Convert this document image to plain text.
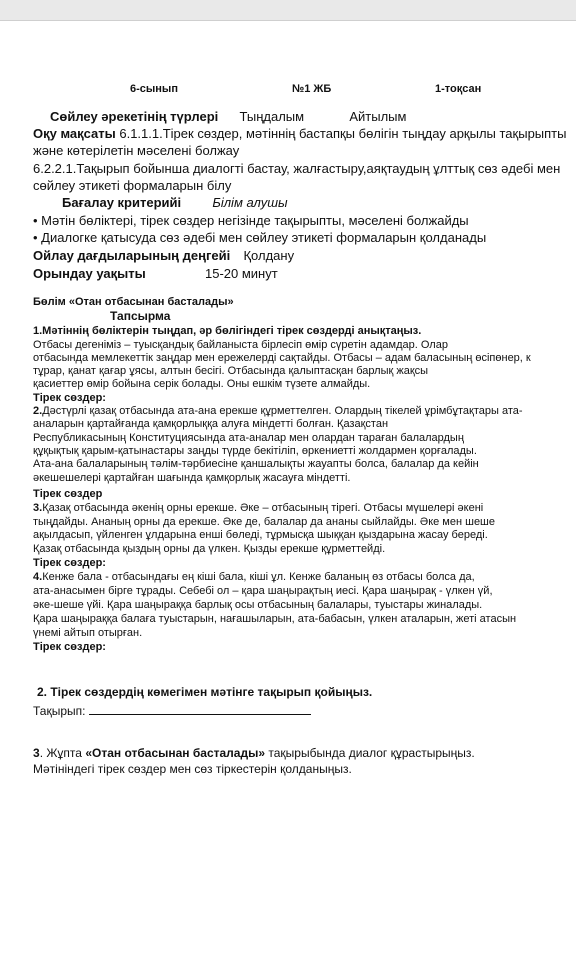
6-сынып	№1 ЖБ	1-тоқсан
Сөйлеу әрекетінің түрлері Тыңдалым	Айтылым
Оқу мақсаты 6.1.1.1.Тірек сөздер, мәтіннің бастапқы бөлігін тыңдау арқылы тақырыпты
және көтерілетін мәселені болжау
6.2.2.1.Тақырып бойынша диалогті бастау, жалғастыру,аяқтаудың ұлттық сөз әдебі мен
сөйлеу этикеті формаларын білу
Бағалау критерийі Білім алушы
• Мәтін бөліктері, тірек сөздер негізінде тақырыпты, мәселені болжайды
• Диалогке қатысуда сөз әдебі мен сөйлеу этикеті формаларын қолданады
Ойлау дағдыларының деңгейі Қолдану
Орындау уақыты	15-20 минут
Бөлім «Отан отбасынан басталады»
Тапсырма
1.Мәтіннің бөліктерін тыңдап, әр бөлігіндегі тірек сөздерді анықтаңыз.
Отбасы дегеніміз – туысқандық байланыста бірлесіп өмір сүретін адамдар. Олар
отбасында мемлекеттік заңдар мен ережелерді сақтайды. Отбасы – адам баласының өсіпөнер, к
тұрар, қанат қағар ұясы, алтын бесігі. Отбасында қалыптасқан барлық жақсы
қасиеттер өмір бойына серік болады. Оны ешкім түзете алмайды.
Тірек сөздер:
2.Дәстүрлі қазақ отбасында ата-ана ерекше құрметтелген. Олардың тікелей ұрімбұтақтары ата-
аналарын қартайғанда қамқорлыққа алуға міндетті болған. Қазақстан
Республикасының Конституциясында ата-аналар мен олардан тараған балалардың
құқықтық қарым-қатынастары заңды түрде бекітіліп, өркениетті жолдармен қорғалады.
Ата-ана балаларының тәлім-тәрбиесіне қаншалықты жауапты болса, балалар да кейін
әкешешелері қартайған шағында қамқорлық жасауға міндетті.
Тірек сөздер
3.Қазақ отбасында әкенің орны ерекше. Әке – отбасының тірегі. Отбасы мүшелері әкені
тыңдайды. Ананың орны да ерекше. Әке де, балалар да ананы сыйлайды. Әке мен шеше
ақылдасып, үйленген ұлдарына енші бөледі, тұрмысқа шыққан қыздарына жасау береді.
Қазақ отбасында қыздың орны да үлкен. Қызды ерекше құрметтейді.
Тірек сөздер:
4.Кенже бала - отбасындағы ең кіші бала, кіші ұл. Кенже баланың өз отбасы болса да,
ата-анасымен бірге тұрады. Себебі ол – қара шаңырақтың иесі. Қара шаңырақ - үлкен үй,
әке-шеше үйі. Қара шаңыраққа барлық осы отбасының балалары, туыстары жиналады.
Қара шаңыраққа балаға туыстарын, нағашыларын, ата-бабасын, үлкен аталарын, жеті атасын
үнемі айтып отырған.
Тірек сөздер:
2. Тірек сөздердің көмегімен мәтінге тақырып қойыңыз.
Тақырып:
3. Жұпта «Отан отбасынан басталады» тақырыбында диалог құрастырыңыз.
Мәтініндегі тірек сөздер мен сөз тіркестерін қолданыңыз.
